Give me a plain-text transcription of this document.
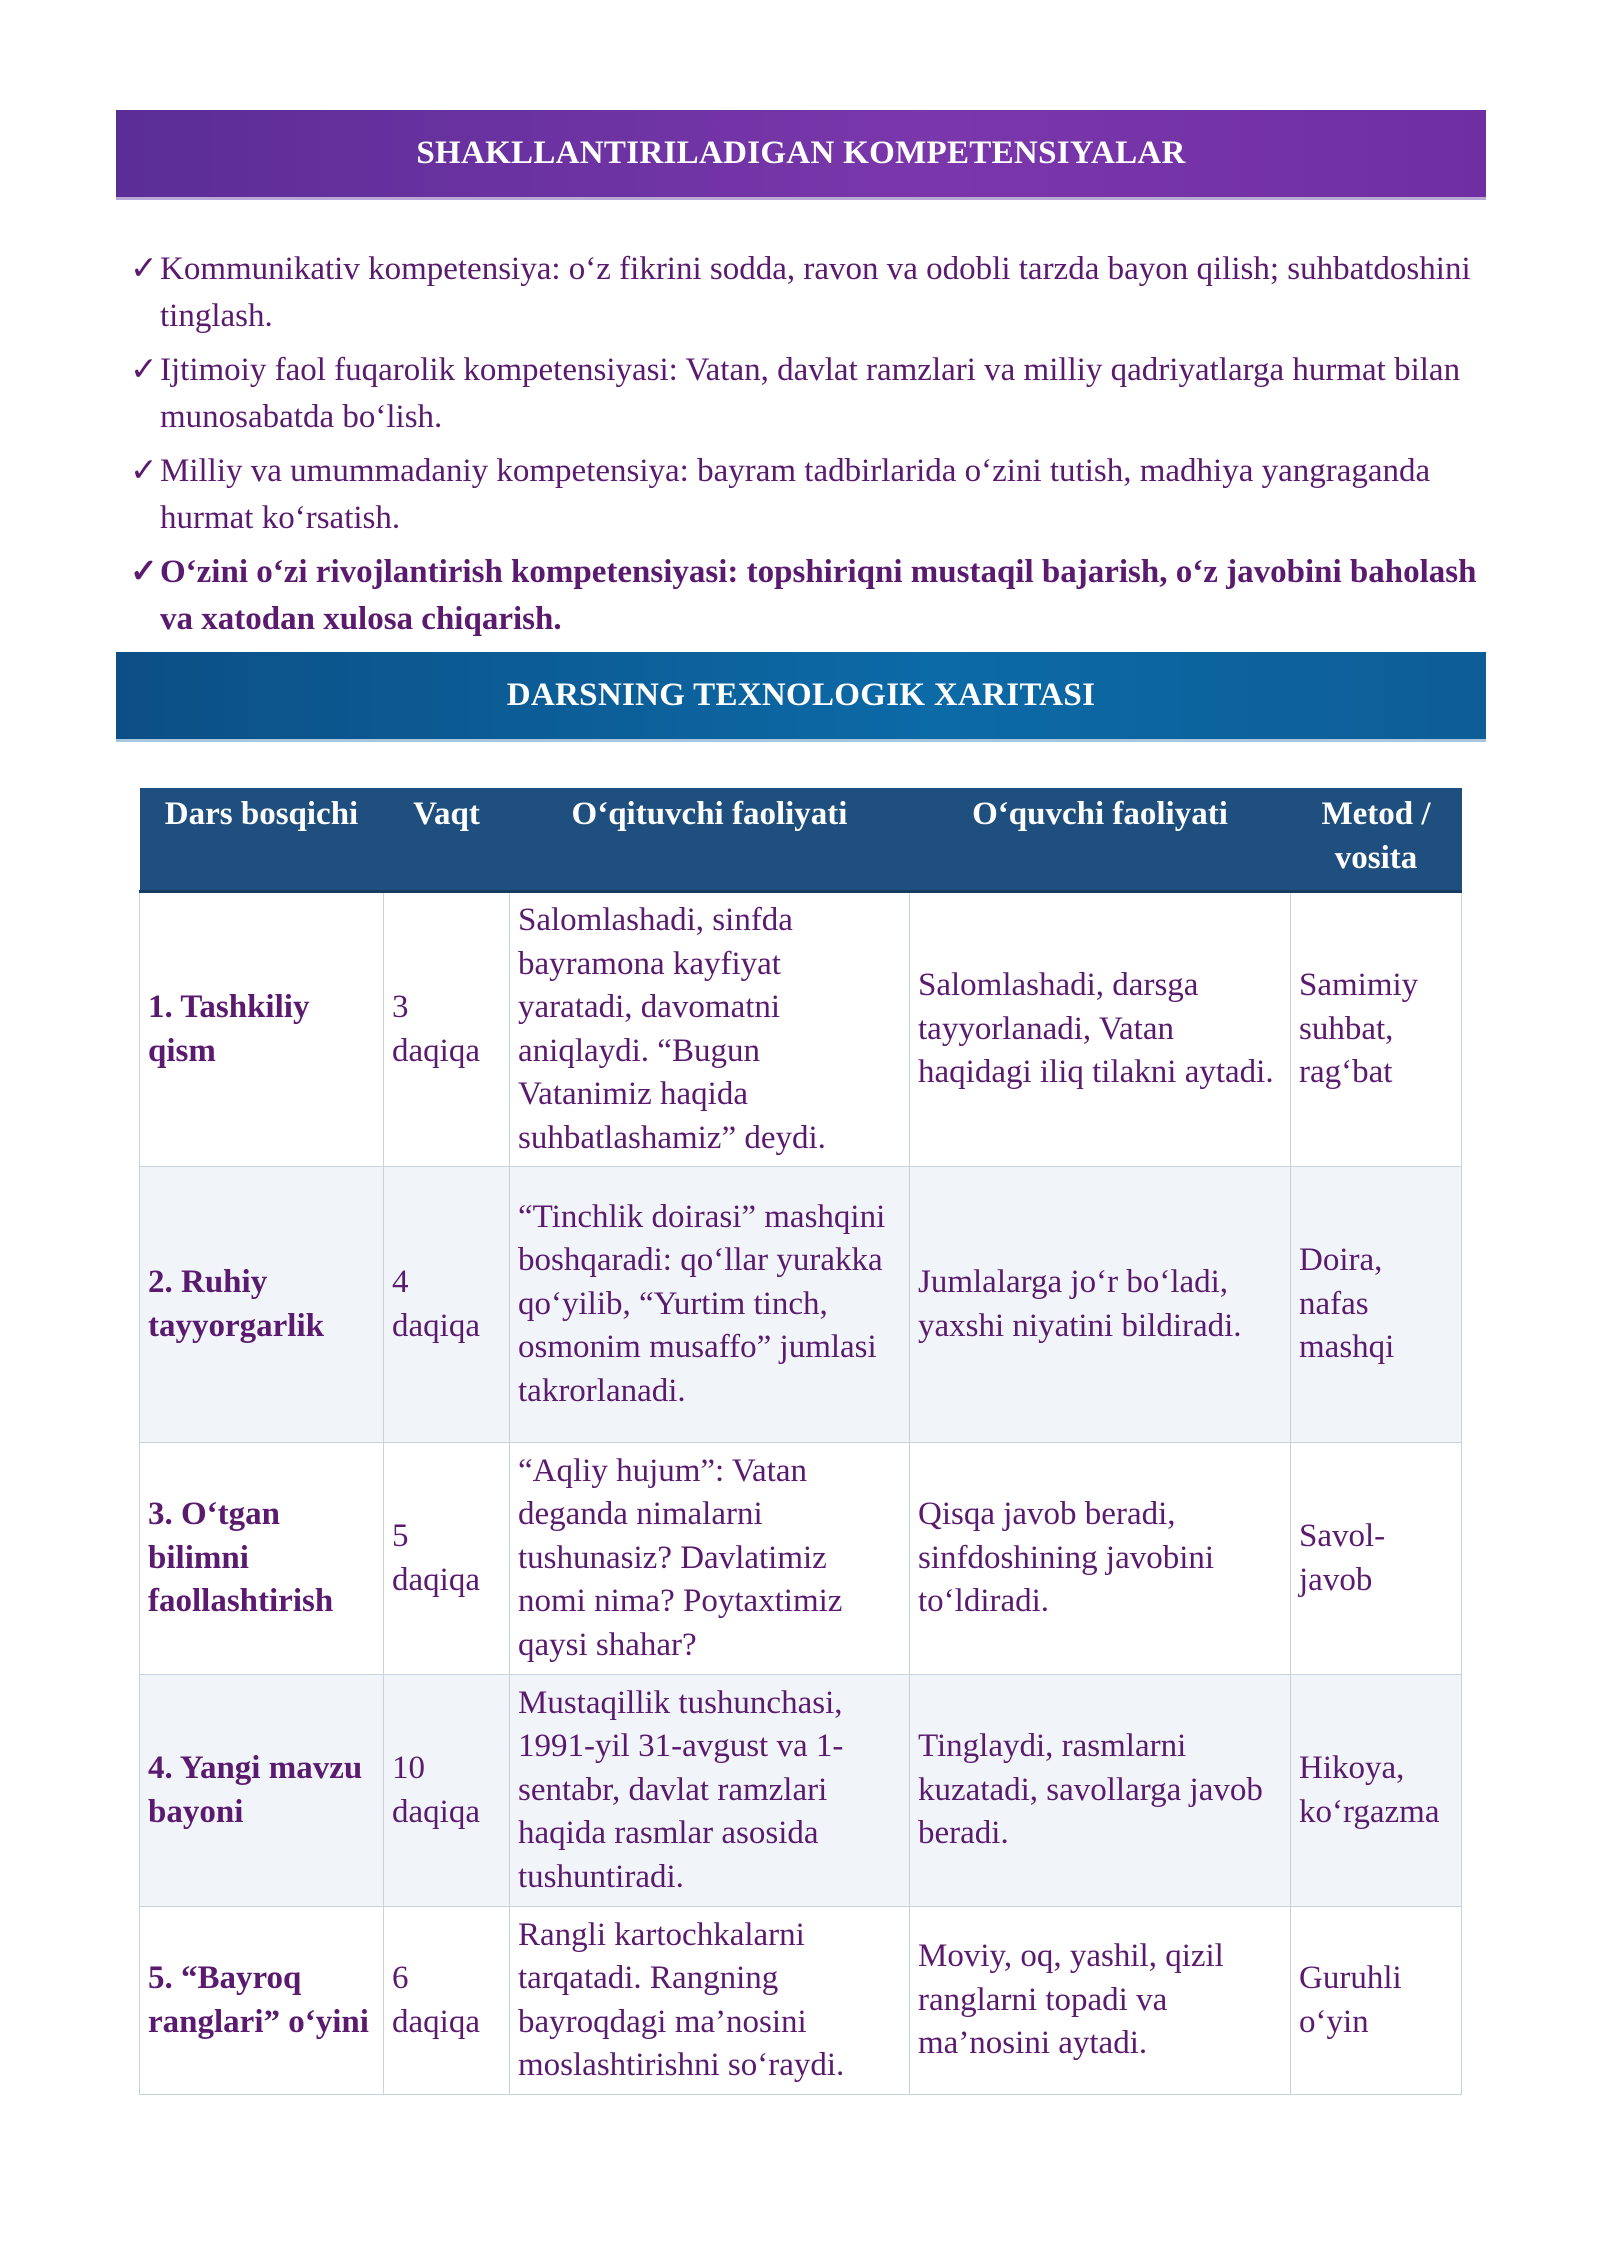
SHAKLLANTIRILADIGAN KOMPETENSIYALAR
✓Kommunikativ kompetensiya: o‘z fikrini sodda, ravon va odobli tarzda bayon qilish; suhbatdoshini tinglash.
✓Ijtimoiy faol fuqarolik kompetensiyasi: Vatan, davlat ramzlari va milliy qadriyatlarga hurmat bilan munosabatda bo‘lish.
✓Milliy va umummadaniy kompetensiya: bayram tadbirlarida o‘zini tutish, madhiya yangraganda hurmat ko‘rsatish.
✓O‘zini o‘zi rivojlantirish kompetensiyasi: topshiriqni mustaqil bajarish, o‘z javobini baholash va xatodan xulosa chiqarish.
DARSNING TEXNOLOGIK XARITASI
Dars bosqichi	Vaqt	O‘qituvchi faoliyati	O‘quvchi faoliyati	Metod / vosita
1. Tashkiliy qism	3 daqiqa	Salomlashadi, sinfda bayramona kayfiyat yaratadi, davomatni aniqlaydi. “Bugun Vatanimiz haqida suhbatlashamiz” deydi.	Salomlashadi, darsga tayyorlanadi, Vatan haqidagi iliq tilakni aytadi.	Samimiy suhbat, rag‘bat
2. Ruhiy tayyorgarlik	4 daqiqa	“Tinchlik doirasi” mashqini boshqaradi: qo‘llar yurakka qo‘yilib, “Yurtim tinch, osmonim musaffo” jumlasi takrorlanadi.	Jumlalarga jo‘r bo‘ladi, yaxshi niyatini bildiradi.	Doira, nafas mashqi
3. O‘tgan bilimni faollashtirish	5 daqiqa	“Aqliy hujum”: Vatan deganda nimalarni tushunasiz? Davlatimiz nomi nima? Poytaxtimiz qaysi shahar?	Qisqa javob beradi, sinfdoshining javobini to‘ldiradi.	Savol-javob
4. Yangi mavzu bayoni	10 daqiqa	Mustaqillik tushunchasi, 1991-yil 31-avgust va 1-sentabr, davlat ramzlari haqida rasmlar asosida tushuntiradi.	Tinglaydi, rasmlarni kuzatadi, savollarga javob beradi.	Hikoya, ko‘rgazma
5. “Bayroq ranglari” o‘yini	6 daqiqa	Rangli kartochkalarni tarqatadi. Rangning bayroqdagi ma’nosini moslashtirishni so‘raydi.	Moviy, oq, yashil, qizil ranglarni topadi va ma’nosini aytadi.	Guruhli o‘yin
